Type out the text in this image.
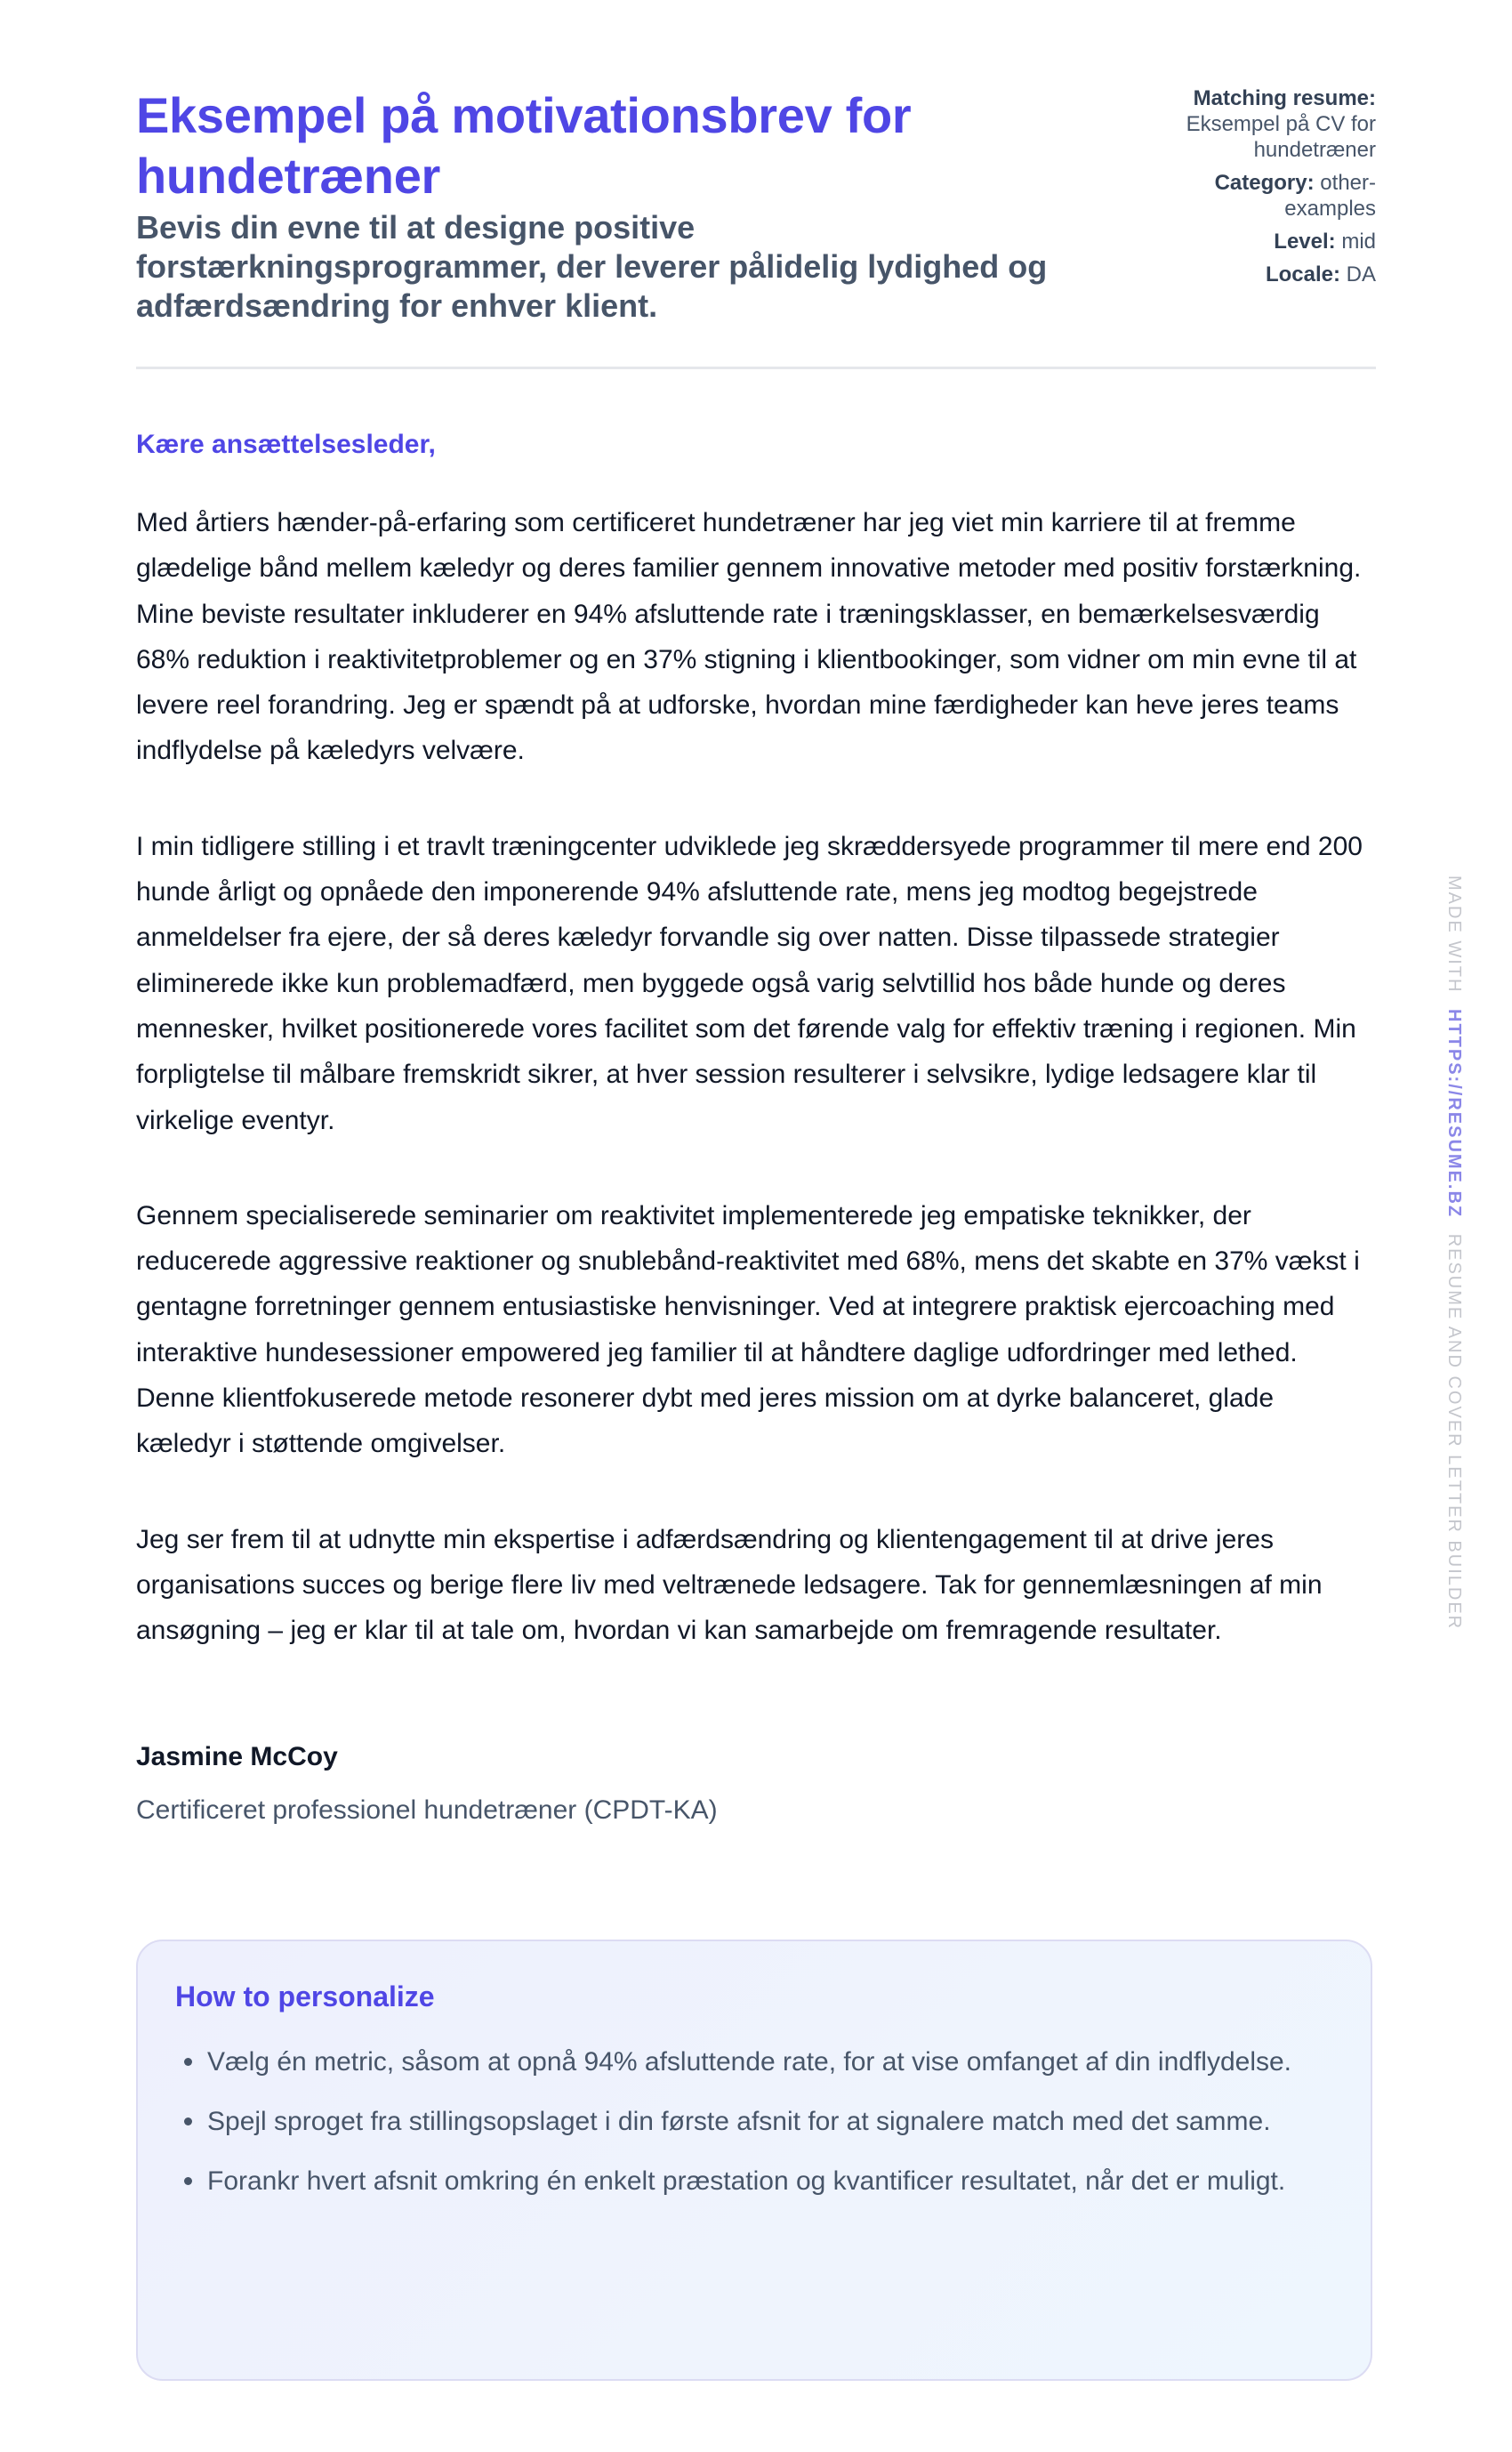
Eksempel på motivationsbrev for hundetræner

Bevis din evne til at designe positive forstærkningsprogrammer, der leverer pålidelig lydighed og adfærdsændring for enhver klient.

Matching resume: Eksempel på CV for hundetræner
Category: other-examples
Level: mid
Locale: DA

Kære ansættelsesleder,

Med årtiers hænder-på-erfaring som certificeret hundetræner har jeg viet min karriere til at fremme glædelige bånd mellem kæledyr og deres familier gennem innovative metoder med positiv forstærkning. Mine beviste resultater inkluderer en 94% afsluttende rate i træningsklasser, en bemærkelsesværdig 68% reduktion i reaktivitetproblemer og en 37% stigning i klientbookinger, som vidner om min evne til at levere reel forandring. Jeg er spændt på at udforske, hvordan mine færdigheder kan heve jeres teams indflydelse på kæledyrs velvære.

I min tidligere stilling i et travlt træningcenter udviklede jeg skræddersyede programmer til mere end 200 hunde årligt og opnåede den imponerende 94% afsluttende rate, mens jeg modtog begejstrede anmeldelser fra ejere, der så deres kæledyr forvandle sig over natten. Disse tilpassede strategier eliminerede ikke kun problemadfærd, men byggede også varig selvtillid hos både hunde og deres mennesker, hvilket positionerede vores facilitet som det førende valg for effektiv træning i regionen. Min forpligtelse til målbare fremskridt sikrer, at hver session resulterer i selvsikre, lydige ledsagere klar til virkelige eventyr.

Gennem specialiserede seminarier om reaktivitet implementerede jeg empatiske teknikker, der reducerede aggressive reaktioner og snublebånd-reaktivitet med 68%, mens det skabte en 37% vækst i gentagne forretninger gennem entusiastiske henvisninger. Ved at integrere praktisk ejercoaching med interaktive hundesessioner empowered jeg familier til at håndtere daglige udfordringer med lethed. Denne klientfokuserede metode resonerer dybt med jeres mission om at dyrke balanceret, glade kæledyr i støttende omgivelser.

Jeg ser frem til at udnytte min ekspertise i adfærdsændring og klientengagement til at drive jeres organisations succes og berige flere liv med veltrænede ledsagere. Tak for gennemlæsningen af min ansøgning – jeg er klar til at tale om, hvordan vi kan samarbejde om fremragende resultater.

Jasmine McCoy
Certificeret professionel hundetræner (CPDT-KA)
How to personalize
Vælg én metric, såsom at opnå 94% afsluttende rate, for at vise omfanget af din indflydelse.
Spejl sproget fra stillingsopslaget i din første afsnit for at signalere match med det samme.
Forankr hvert afsnit omkring én enkelt præstation og kvantificer resultatet, når det er muligt.
MADE WITH HTTPS://RESUME.BZ RESUME AND COVER LETTER BUILDER
